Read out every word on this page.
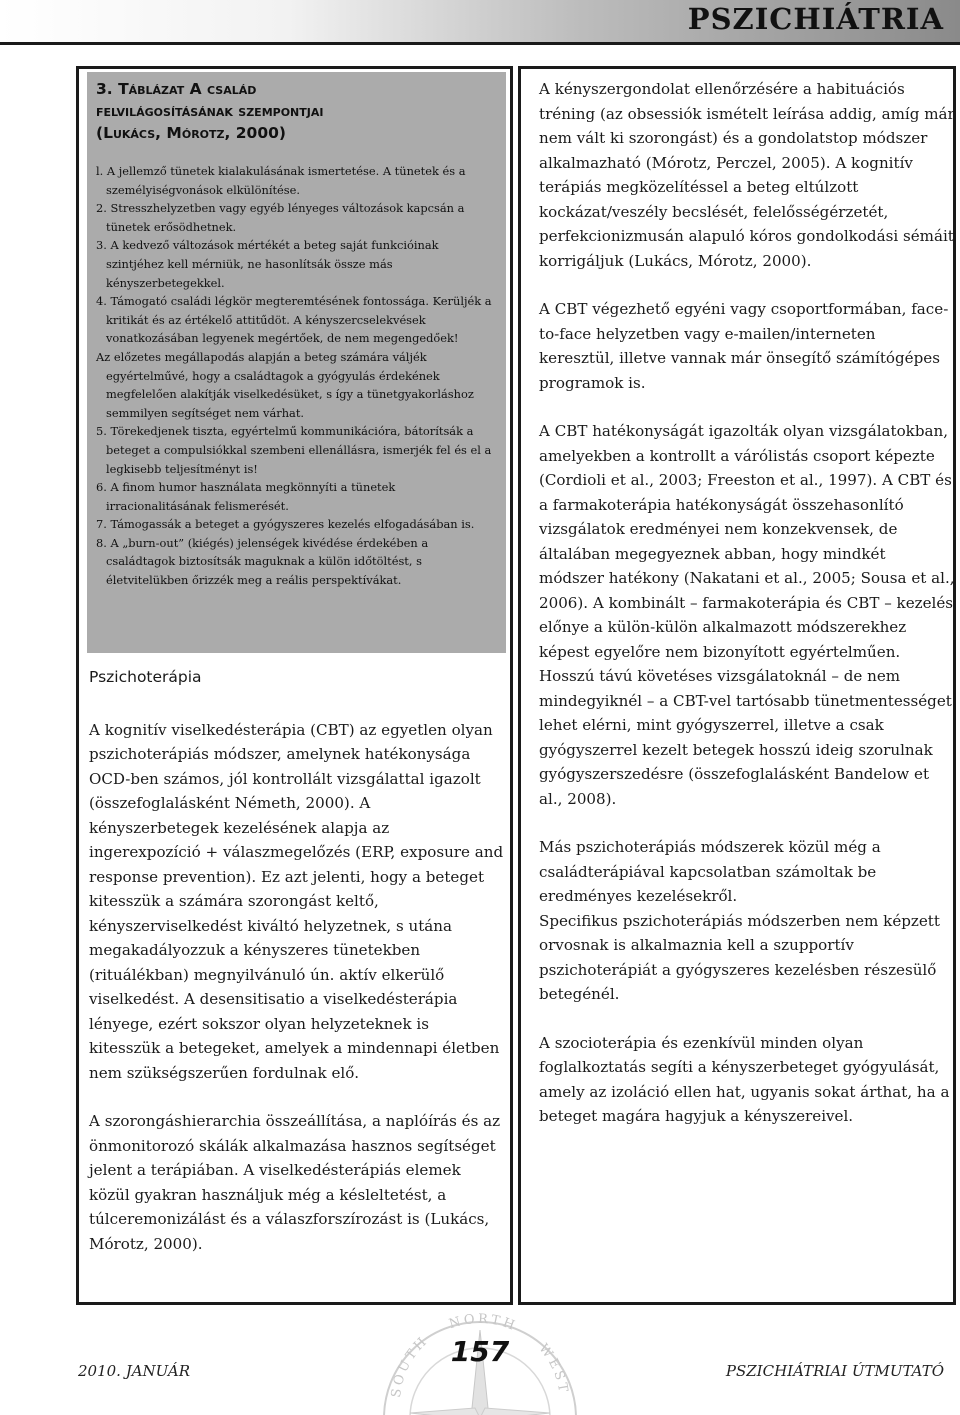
PSZICHIÁTRIA
3. Táblázat A család
felvilágosításának szempontjai
(Lukács, Mórotz, 2000)

l. A jellemző tünetek kialakulásának ismertetése. A tünetek és a személyiségvonások elkülönítése.

2. Stresszhelyzetben vagy egyéb lényeges változások kapcsán a tünetek erősödhetnek.

3. A kedvező változások mértékét a beteg saját funkcióinak szintjéhez kell mérniük, ne hasonlítsák össze más kényszerbetegekkel.

4. Támogató családi légkör megteremtésének fontossága. Kerüljék a kritikát és az értékelő attitűdöt. A kényszercselekvések vonatkozásában legyenek megértőek, de nem megengedőek!

Az előzetes megállapodás alapján a beteg számára váljék egyértelművé, hogy a családtagok a gyógyulás érdekének megfelelően alakítják viselkedésüket, s így a tünetgyakorláshoz semmilyen segítséget nem várhat.

5. Törekedjenek tiszta, egyértelmű kommunikációra, bátorítsák a beteget a compulsiókkal szembeni ellenállásra, ismerjék fel és el a legkisebb teljesítményt is!

6. A finom humor használata megkönnyíti a tünetek irracionalitásának felismerését.

7. Támogassák a beteget a gyógyszeres kezelés elfogadásában is.

8. A „burn-out” (kiégés) jelenségek kivédése érdekében a családtagok biztosítsák maguknak a külön időtöltést, s életvitelükben őrizzék meg a reális perspektívákat.

Pszichoterápia

A kognitív viselkedésterápia (CBT) az egyetlen olyan pszichoterápiás módszer, amelynek hatékonysága OCD-ben számos, jól kontrollált vizsgálattal igazolt (összefoglalásként Németh, 2000). A kényszerbetegek kezelésének alapja az ingerexpozíció + válaszmegelőzés (ERP, exposure and response prevention). Ez azt jelenti, hogy a beteget kitesszük a számára szorongást keltő, kényszerviselkedést kiváltó helyzetnek, s utána megakadályozzuk a kényszeres tünetekben (rituálékban) megnyilvánuló ún. aktív elkerülő viselkedést. A desensitisatio a viselkedésterápia lényege, ezért sokszor olyan helyzeteknek is kitesszük a betegeket, amelyek a mindennapi életben nem szükségszerűen fordulnak elő.

A szorongáshierarchia összeállítása, a naplóírás és az önmonitorozó skálák alkalmazása hasznos segítséget jelent a terápiában. A viselkedésterápiás elemek közül gyakran használjuk még a késleltetést, a túlceremonizálást és a válaszforszírozást is (Lukács, Mórotz, 2000).

A kényszergondolat ellenőrzésére a habituációs tréning (az obsessiók ismételt leírása addig, amíg már nem vált ki szorongást) és a gondolatstop módszer alkalmazható (Mórotz, Perczel, 2005). A kognitív terápiás megközelítéssel a beteg eltúlzott kockázat/veszély becslését, felelősségérzetét, perfekcionizmusán alapuló kóros gondolkodási sémáit korrigáljuk (Lukács, Mórotz, 2000).

A CBT végezhető egyéni vagy csoportformában, face-to-face helyzetben vagy e-mailen/interneten keresztül, illetve vannak már önsegítő számítógépes programok is.

A CBT hatékonyságát igazolták olyan vizsgálatokban, amelyekben a kontrollt a várólistás csoport képezte (Cordioli et al., 2003; Freeston et al., 1997). A CBT és a farmakoterápia hatékonyságát összehasonlító vizsgálatok eredményei nem konzekvensek, de általában megegyeznek abban, hogy mindkét módszer hatékony (Nakatani et al., 2005; Sousa et al., 2006). A kombinált – farmakoterápia és CBT – kezelés előnye a külön-külön alkalmazott módszerekhez képest egyelőre nem bizonyított egyértelműen. Hosszú távú követéses vizsgálatoknál – de nem mindegyiknél – a CBT-vel tartósabb tünetmentességet lehet elérni, mint gyógyszerrel, illetve a csak gyógyszerrel kezelt betegek hosszú ideig szorulnak gyógyszerszedésre (összefoglalásként Bandelow et al., 2008).

Más pszichoterápiás módszerek közül még a családterápiával kapcsolatban számoltak be eredményes kezelésekről.

Specifikus pszichoterápiás módszerben nem képzett orvosnak is alkalmaznia kell a szupportív pszichoterápiát a gyógyszeres kezelésben részesülő betegénél.

A szocioterápia és ezenkívül minden olyan foglalkoztatás segíti a kényszerbeteget gyógyulását, amely az izoláció ellen hat, ugyanis sokat árthat, ha a beteget magára hagyjuk a kényszereivel.

SOUTH
NORTH
WEST
2010. JANUÁR
157
PSZICHIÁTRIAI ÚTMUTATÓ
